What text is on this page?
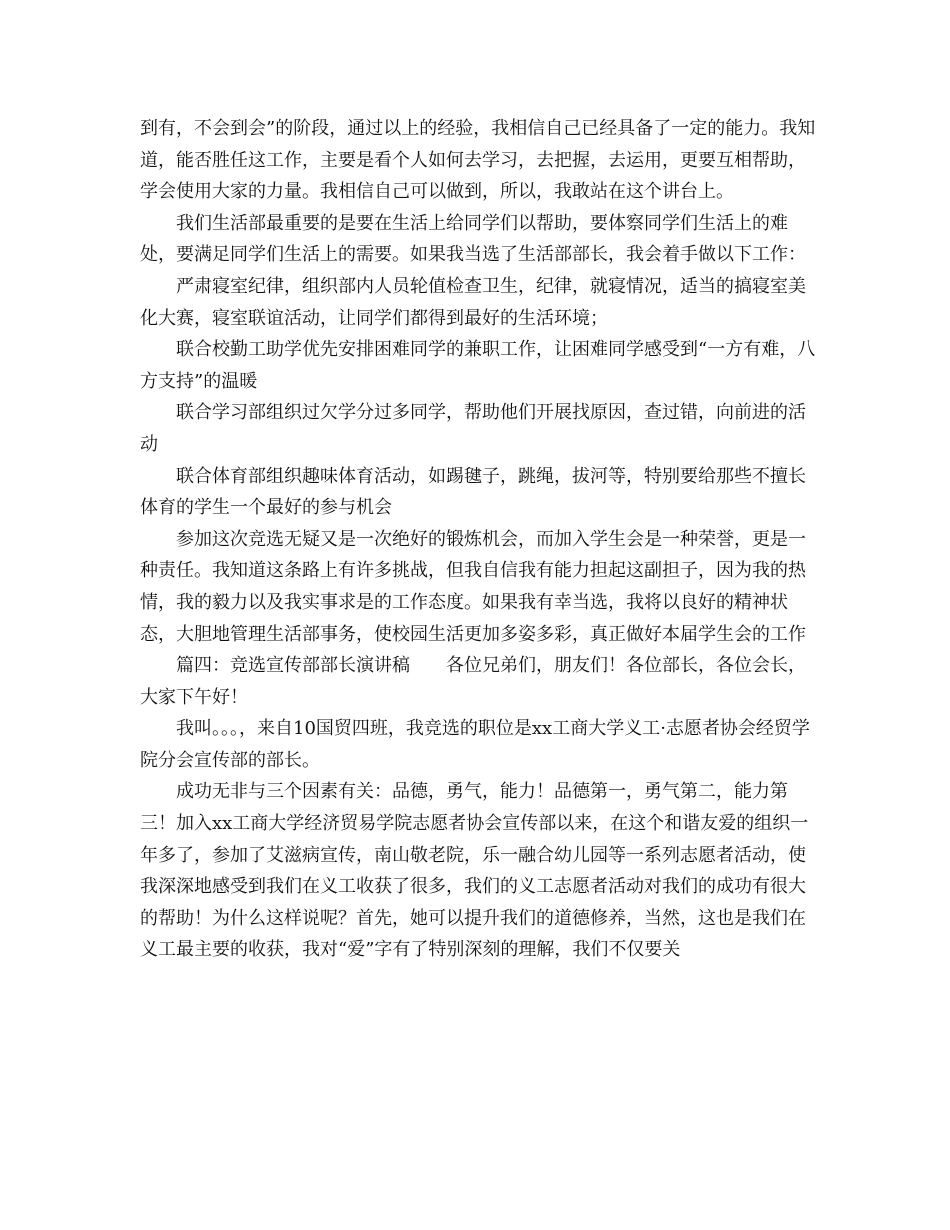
到有，不会到会”的阶段，通过以上的经验，我相信自己已经具备了一定的能力。我知道，能否胜任这工作，主要是看个人如何去学习，去把握，去运用，更要互相帮助，学会使用大家的力量。我相信自己可以做到，所以，我敢站在这个讲台上。

我们生活部最重要的是要在生活上给同学们以帮助，要体察同学们生活上的难处，要满足同学们生活上的需要。如果我当选了生活部部长，我会着手做以下工作：

严肃寝室纪律，组织部内人员轮值检查卫生，纪律，就寝情况，适当的搞寝室美化大赛，寝室联谊活动，让同学们都得到最好的生活环境；

联合校勤工助学优先安排困难同学的兼职工作，让困难同学感受到“一方有难，八方支持”的温暖

联合学习部组织过欠学分过多同学，帮助他们开展找原因，查过错，向前进的活动

联合体育部组织趣味体育活动，如踢毽子，跳绳，拔河等，特别要给那些不擅长体育的学生一个最好的参与机会

参加这次竞选无疑又是一次绝好的锻炼机会，而加入学生会是一种荣誉，更是一种责任。我知道这条路上有许多挑战，但我自信我有能力担起这副担子，因为我的热情，我的毅力以及我实事求是的工作态度。如果我有幸当选，我将以良好的精神状态，大胆地管理生活部事务，使校园生活更加多姿多彩，真正做好本届学生会的工作

篇四：竞选宣传部部长演讲稿　　各位兄弟们，朋友们！各位部长，各位会长，大家下午好！

我叫。。。，来自10国贸四班，我竞选的职位是xx工商大学义工·志愿者协会经贸学院分会宣传部的部长。

成功无非与三个因素有关：品德，勇气，能力！品德第一，勇气第二，能力第三！加入xx工商大学经济贸易学院志愿者协会宣传部以来，在这个和谐友爱的组织一年多了，参加了艾滋病宣传，南山敬老院，乐一融合幼儿园等一系列志愿者活动，使我深深地感受到我们在义工收获了很多，我们的义工志愿者活动对我们的成功有很大的帮助！为什么这样说呢？首先，她可以提升我们的道德修养，当然，这也是我们在义工最主要的收获，我对“爱”字有了特别深刻的理解，我们不仅要关
